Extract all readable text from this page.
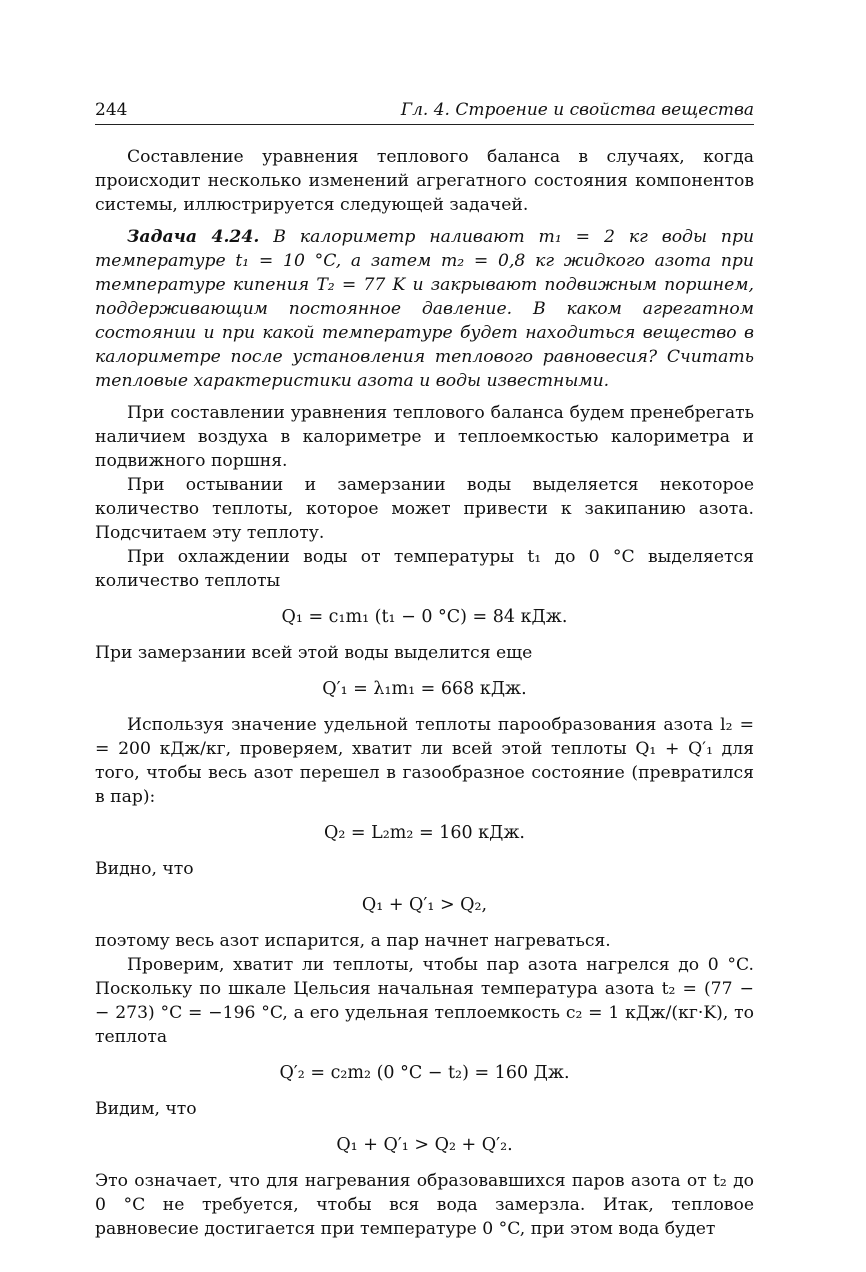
244	Гл. 4. Строение и свойства вещества

Составление уравнения теплового баланса в случаях, когда происходит несколько изменений агрегатного состояния компонентов системы, иллюстрируется следующей задачей.

Задача 4.24. В калориметр наливают m₁ = 2 кг воды при температуре t₁ = 10 °C, а затем m₂ = 0,8 кг жидкого азота при температуре кипения T₂ = 77 K и закрывают подвижным поршнем, поддерживающим постоянное давление. В каком агрегатном состоянии и при какой температуре будет находиться вещество в калориметре после установления теплового равновесия? Считать тепловые характеристики азота и воды известными.

При составлении уравнения теплового баланса будем пренебрегать наличием воздуха в калориметре и теплоемкостью калориметра и подвижного поршня.

При остывании и замерзании воды выделяется некоторое количество теплоты, которое может привести к закипанию азота. Подсчитаем эту теплоту.

При охлаждении воды от температуры t₁ до 0 °C выделяется количество теплоты

Q₁ = c₁m₁ (t₁ − 0 °C) = 84 кДж.

При замерзании всей этой воды выделится еще

Q′₁ = λ₁m₁ = 668 кДж.

Используя значение удельной теплоты парообразования азота l₂ = = 200 кДж/кг, проверяем, хватит ли всей этой теплоты Q₁ + Q′₁ для того, чтобы весь азот перешел в газообразное состояние (превратился в пар):

Q₂ = L₂m₂ = 160 кДж.

Видно, что

Q₁ + Q′₁ > Q₂,

поэтому весь азот испарится, а пар начнет нагреваться.

Проверим, хватит ли теплоты, чтобы пар азота нагрелся до 0 °C. Поскольку по шкале Цельсия начальная температура азота t₂ = (77 − − 273) °C = −196 °C, а его удельная теплоемкость c₂ = 1 кДж/(кг·K), то теплота

Q′₂ = c₂m₂ (0 °C − t₂) = 160 Дж.

Видим, что

Q₁ + Q′₁ > Q₂ + Q′₂.

Это означает, что для нагревания образовавшихся паров азота от t₂ до 0 °C не требуется, чтобы вся вода замерзла. Итак, тепловое равновесие достигается при температуре 0 °C, при этом вода будет
